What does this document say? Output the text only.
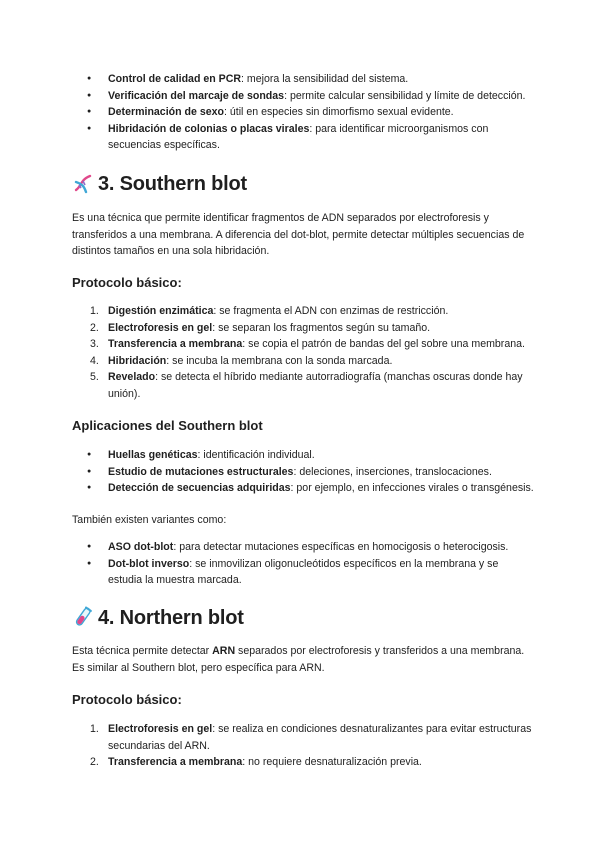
● Control de calidad en PCR: mejora la sensibilidad del sistema.
● Verificación del marcaje de sondas: permite calcular sensibilidad y límite de detección.
● Determinación de sexo: útil en especies sin dimorfismo sexual evidente.
● Hibridación de colonias o placas virales: para identificar microorganismos con
secuencias específicas.
3. Southern blot
Es una técnica que permite identificar fragmentos de ADN separados por electroforesis y
transferidos a una membrana. A diferencia del dot-blot, permite detectar múltiples secuencias de
distintos tamaños en una sola hibridación.
Protocolo básico:
1. Digestión enzimática: se fragmenta el ADN con enzimas de restricción.
2. Electroforesis en gel: se separan los fragmentos según su tamaño.
3. Transferencia a membrana: se copia el patrón de bandas del gel sobre una membrana.
4. Hibridación: se incuba la membrana con la sonda marcada.
5. Revelado: se detecta el híbrido mediante autorradiografía (manchas oscuras donde hay
unión).
Aplicaciones del Southern blot
● Huellas genéticas: identificación individual.
● Estudio de mutaciones estructurales: deleciones, inserciones, translocaciones.
● Detección de secuencias adquiridas: por ejemplo, en infecciones virales o transgénesis.
También existen variantes como:
● ASO dot-blot: para detectar mutaciones específicas en homocigosis o heterocigosis.
● Dot-blot inverso: se inmovilizan oligonucleótidos específicos en la membrana y se
estudia la muestra marcada.
4. Northern blot
Esta técnica permite detectar ARN separados por electroforesis y transferidos a una membrana.
Es similar al Southern blot, pero específica para ARN.
Protocolo básico:
1. Electroforesis en gel: se realiza en condiciones desnaturalizantes para evitar estructuras
secundarias del ARN.
2. Transferencia a membrana: no requiere desnaturalización previa.
